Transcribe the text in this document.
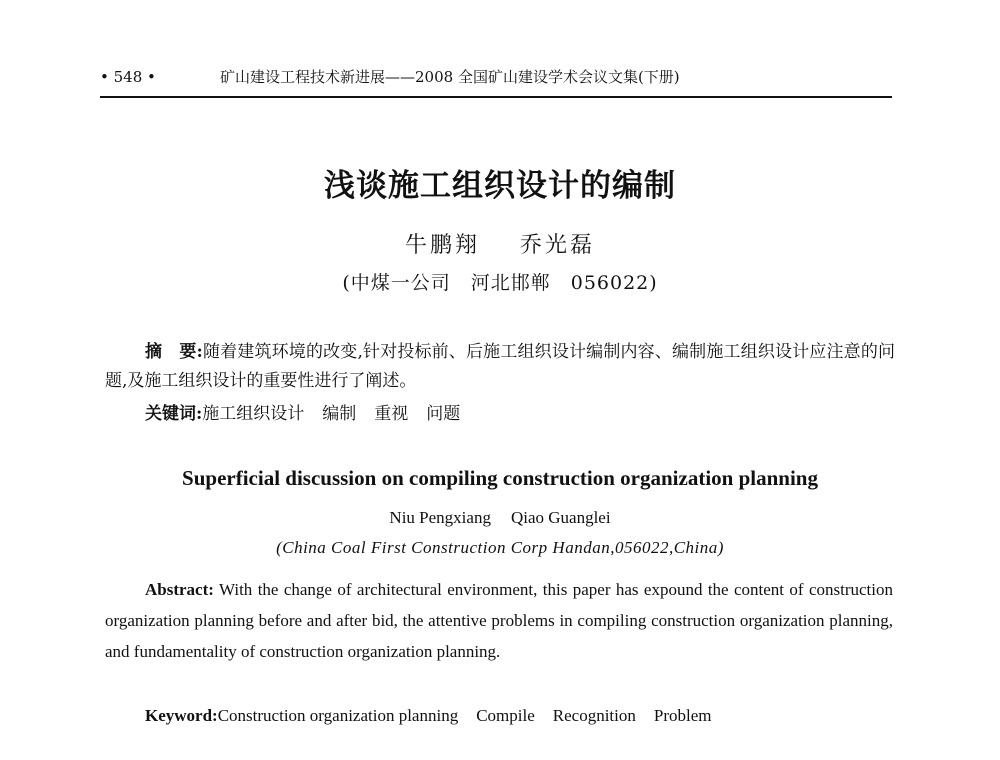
• 548 •	矿山建设工程技术新进展——2008 全国矿山建设学术会议文集(下册)
浅谈施工组织设计的编制
牛鹏翔 乔光磊
(中煤一公司　河北邯郸　056022)
摘　要:随着建筑环境的改变,针对投标前、后施工组织设计编制内容、编制施工组织设计应注意的问题,及施工组织设计的重要性进行了阐述。
关键词:施工组织设计 编制 重视 问题
Superficial discussion on compiling construction organization planning
Niu Pengxiang Qiao Guanglei
(China Coal First Construction Corp Handan,056022,China)
Abstract: With the change of architectural environment, this paper has expound the content of construction organization planning before and after bid, the attentive problems in compiling construction organization planning, and fundamentality of construction organization planning.
Keyword:Construction organization planning Compile Recognition Problem
